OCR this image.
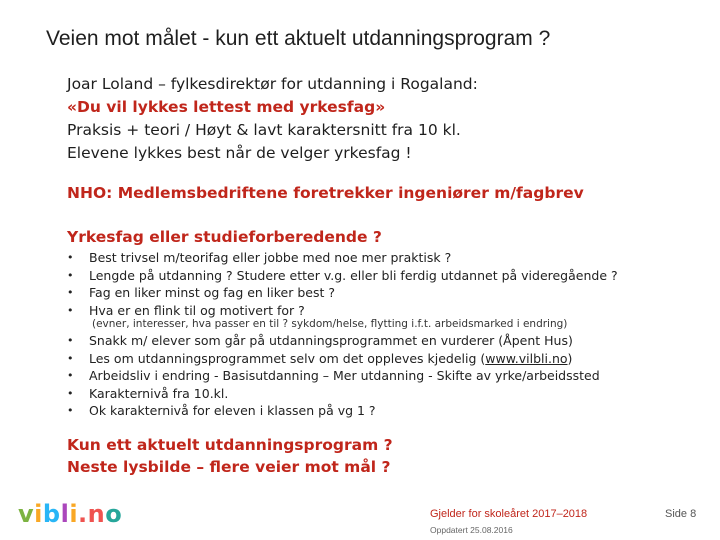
Veien mot målet - kun ett aktuelt utdanningsprogram ?
Joar Loland – fylkesdirektør for utdanning i Rogaland:
«Du vil lykkes lettest med yrkesfag»
Praksis + teori / Høyt & lavt karaktersnitt fra 10 kl.
Elevene lykkes best når de velger yrkesfag !
NHO: Medlemsbedriftene foretrekker ingeniører m/fagbrev
Yrkesfag eller studieforberedende ?
• Best trivsel m/teorifag eller jobbe med noe mer praktisk ?
• Lengde på utdanning ? Studere etter v.g. eller bli ferdig utdannet på videregående ?
• Fag en liker minst og fag en liker best ?
• Hva er en flink til og motivert for ?
(evner, interesser, hva passer en til ? sykdom/helse, flytting i.f.t. arbeidsmarked i endring)
• Snakk m/ elever som går på utdanningsprogrammet en vurderer (Åpent Hus)
• Les om utdanningsprogrammet selv om det oppleves kjedelig (www.vilbli.no)
• Arbeidsliv i endring - Basisutdanning – Mer utdanning - Skifte av yrke/arbeidssted
• Karakternivå fra 10.kl.
• Ok karakternivå for eleven i klassen på vg 1 ?
Kun ett aktuelt utdanningsprogram ?
Neste lysbilde – flere veier mot mål ?
vibli.no	Gjelder for skoleåret 2017–2018
Oppdatert 25.08.2016
Side 8
